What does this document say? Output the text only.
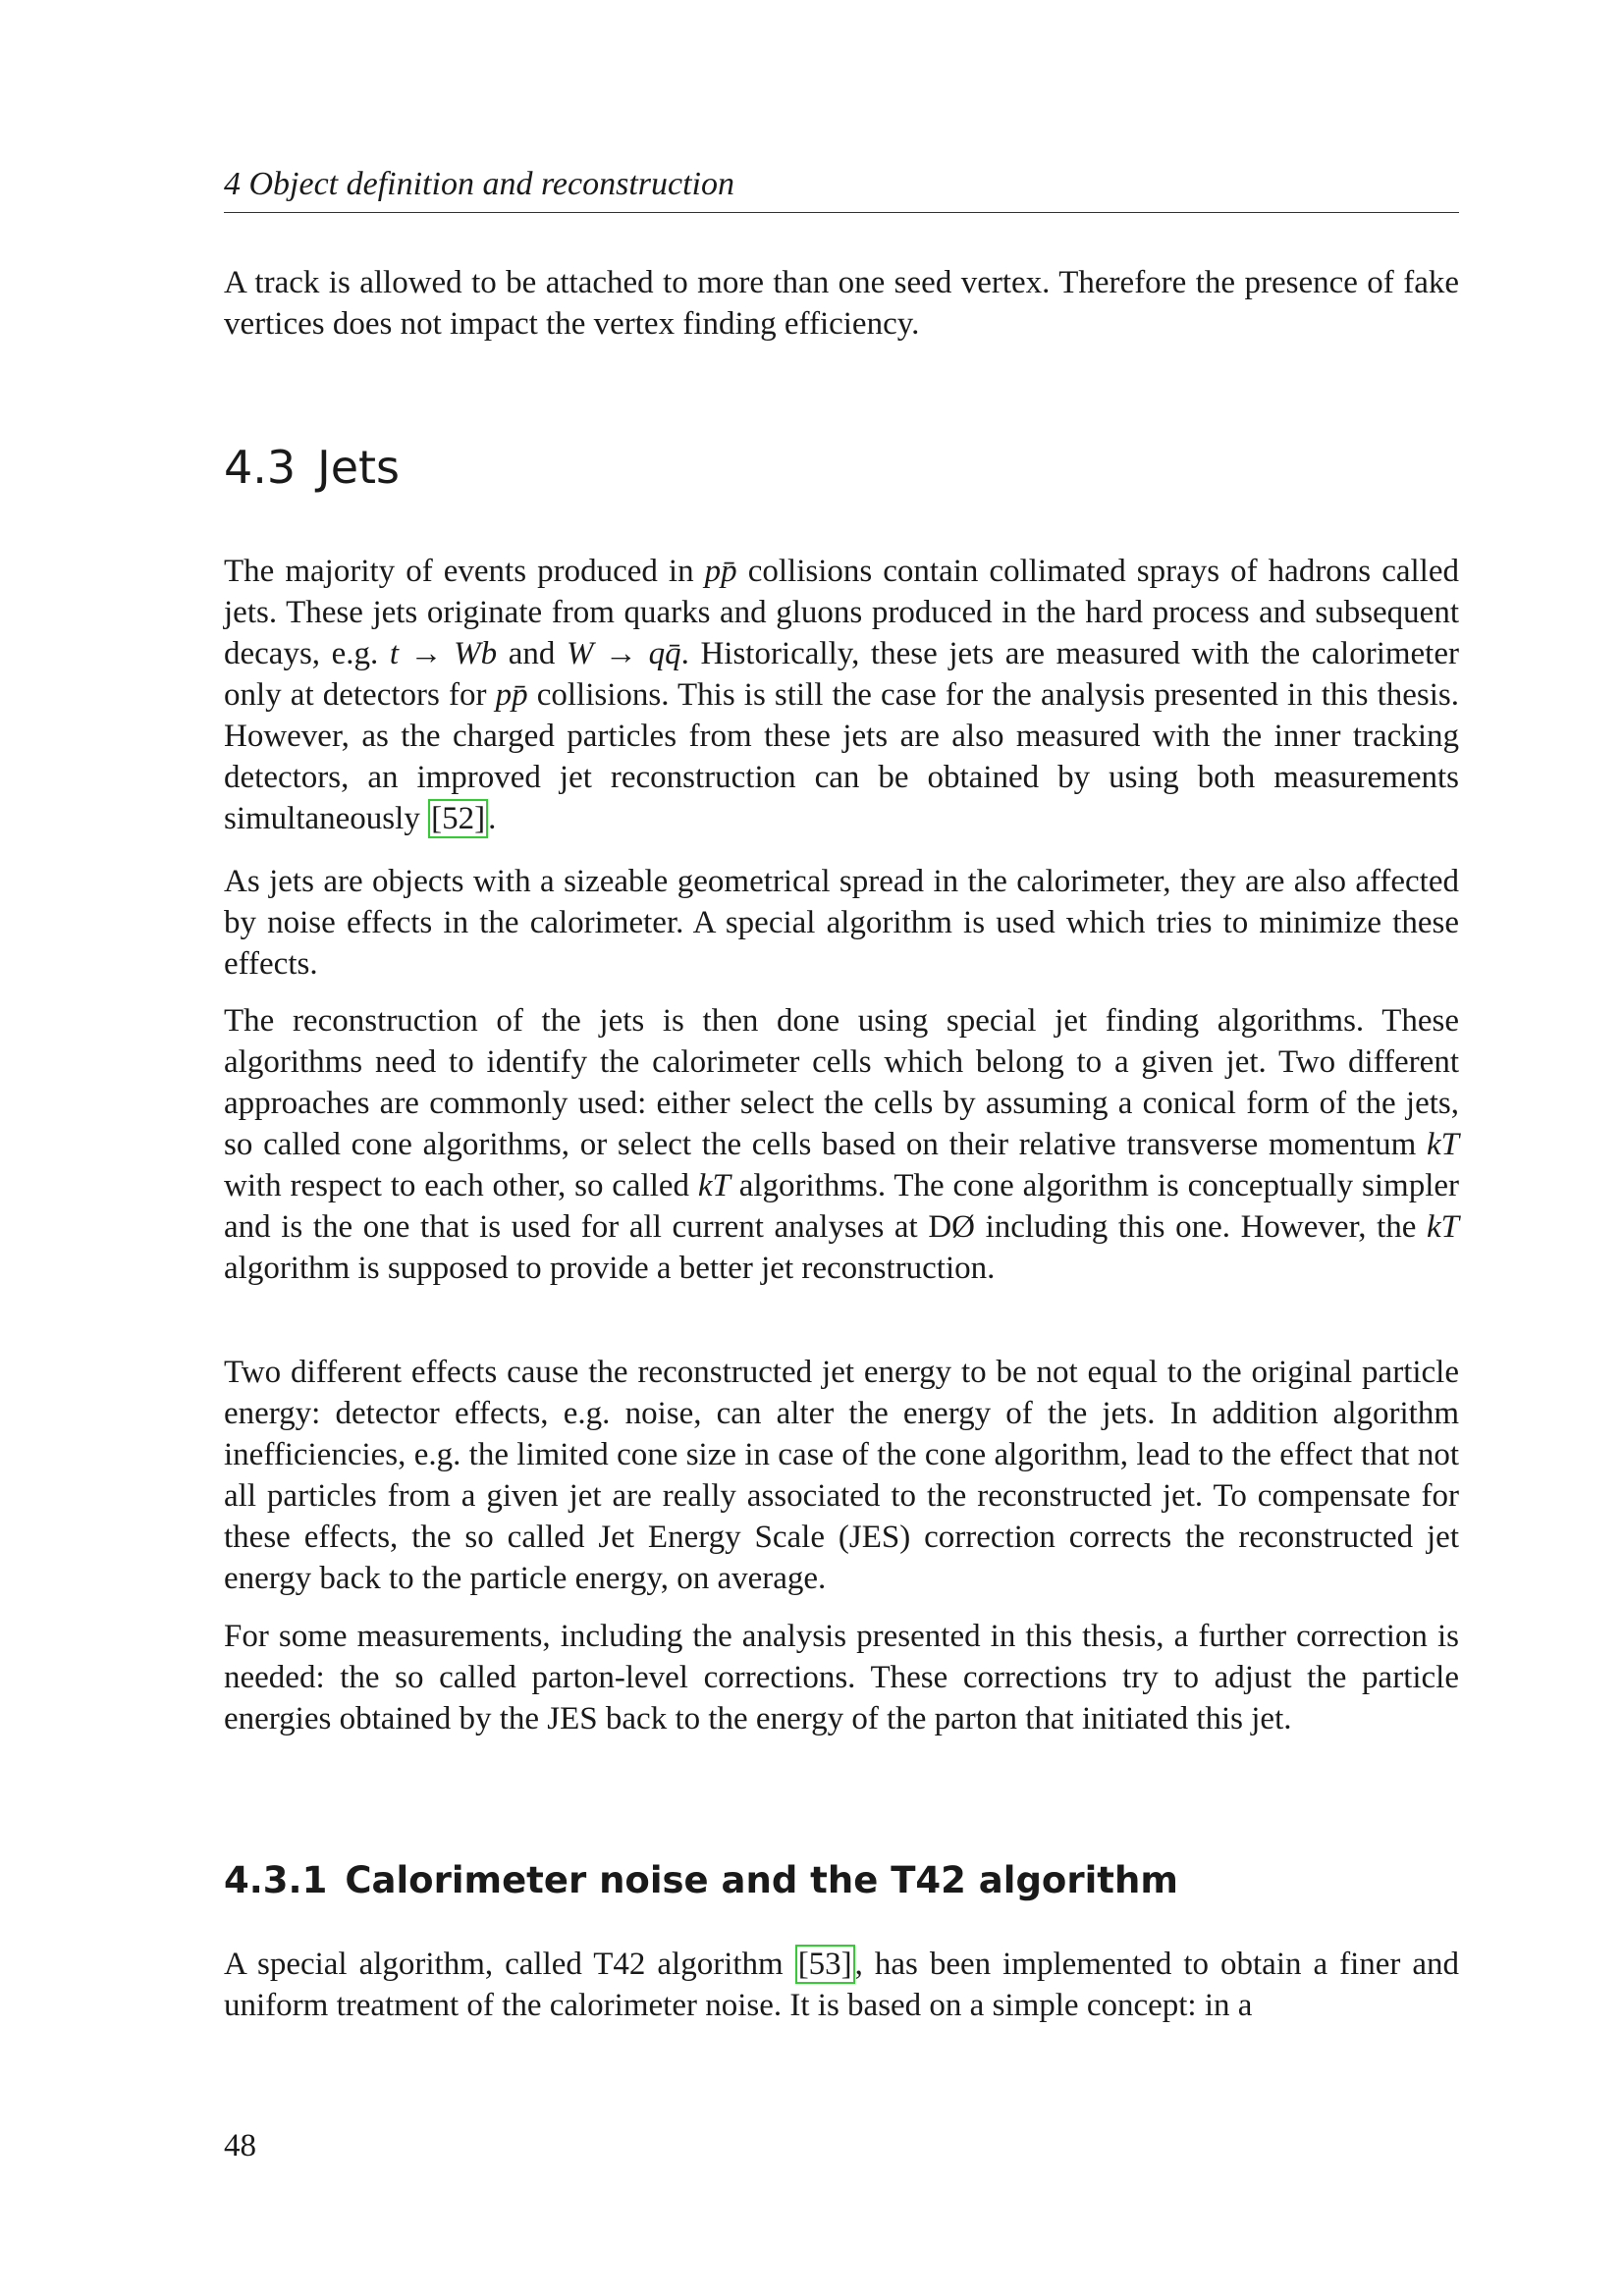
4 Object definition and reconstruction

A track is allowed to be attached to more than one seed vertex. Therefore the presence of fake vertices does not impact the vertex finding efficiency.

4.3 Jets

The majority of events produced in pp̄ collisions contain collimated sprays of hadrons called jets. These jets originate from quarks and gluons produced in the hard process and subsequent decays, e.g. t → Wb and W → qq̄. Historically, these jets are measured with the calorimeter only at detectors for pp̄ collisions. This is still the case for the analysis presented in this thesis. However, as the charged particles from these jets are also measured with the inner tracking detectors, an improved jet reconstruction can be obtained by using both measurements simultaneously [52].

As jets are objects with a sizeable geometrical spread in the calorimeter, they are also affected by noise effects in the calorimeter. A special algorithm is used which tries to minimize these effects.

The reconstruction of the jets is then done using special jet finding algorithms. These algorithms need to identify the calorimeter cells which belong to a given jet. Two different approaches are commonly used: either select the cells by assuming a conical form of the jets, so called cone algorithms, or select the cells based on their relative transverse momentum kT with respect to each other, so called kT algorithms. The cone algorithm is conceptually simpler and is the one that is used for all current analyses at DØ including this one. However, the kT algorithm is supposed to provide a better jet reconstruction.

Two different effects cause the reconstructed jet energy to be not equal to the original particle energy: detector effects, e.g. noise, can alter the energy of the jets. In addition algorithm inefficiencies, e.g. the limited cone size in case of the cone algorithm, lead to the effect that not all particles from a given jet are really associated to the reconstructed jet. To compensate for these effects, the so called Jet Energy Scale (JES) correction corrects the reconstructed jet energy back to the particle energy, on average.

For some measurements, including the analysis presented in this thesis, a further correction is needed: the so called parton-level corrections. These corrections try to adjust the particle energies obtained by the JES back to the energy of the parton that initiated this jet.

4.3.1 Calorimeter noise and the T42 algorithm

A special algorithm, called T42 algorithm [53], has been implemented to obtain a finer and uniform treatment of the calorimeter noise. It is based on a simple concept: in a

48
